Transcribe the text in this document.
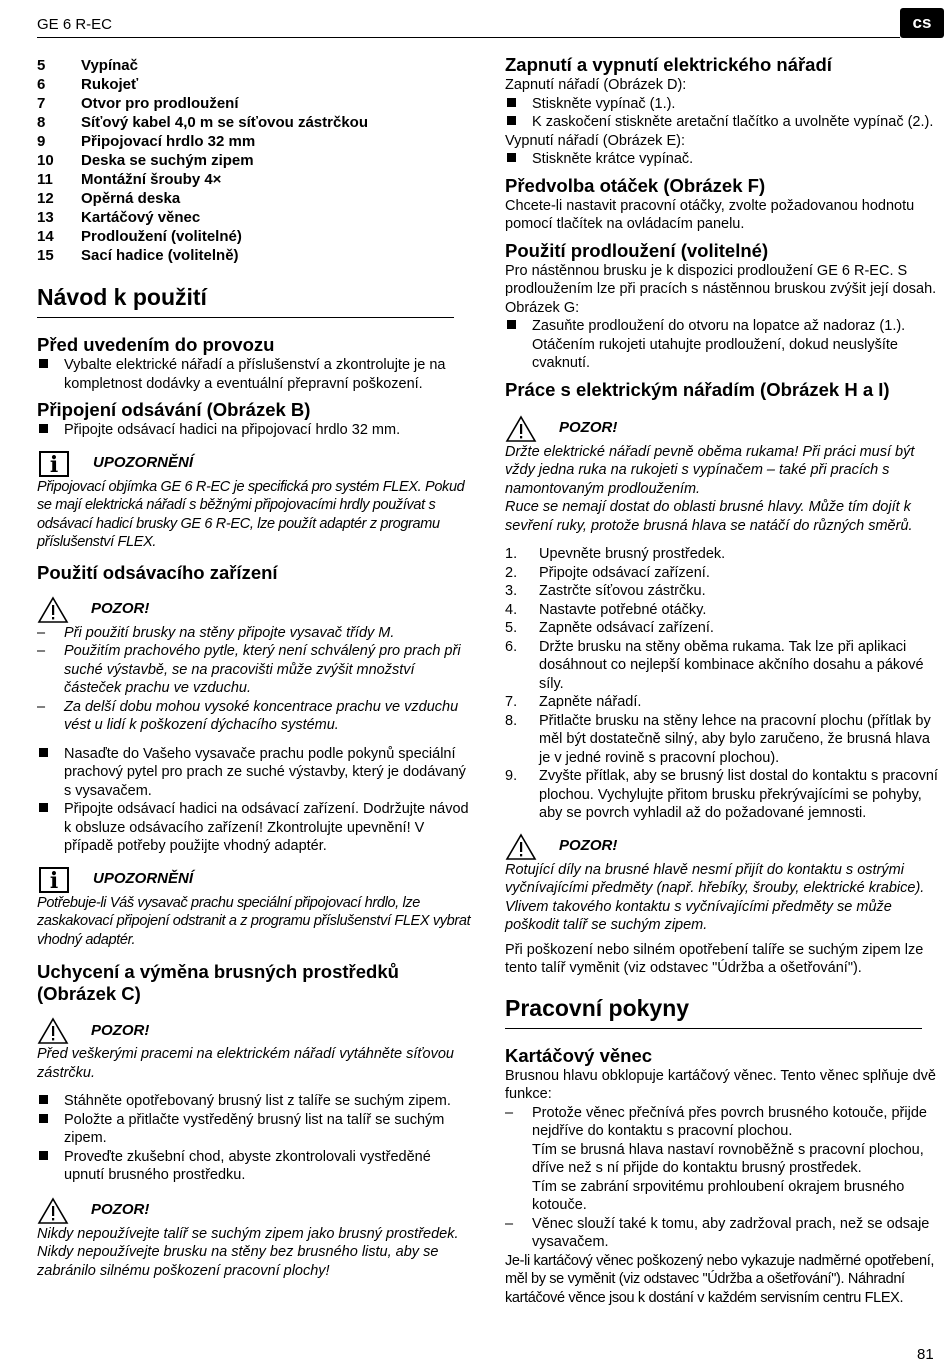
GE 6 R-EC	cs
5	Vypínač
6	Rukojeť
7	Otvor pro prodloužení
8	Síťový kabel 4,0 m se síťovou zástrčkou
9	Připojovací hrdlo 32 mm
10	Deska se suchým zipem
11	Montážní šrouby 4×
12	Opěrná deska
13	Kartáčový věnec
14	Prodloužení (volitelné)
15	Sací hadice (volitelně)
Návod k použití
Před uvedením do provozu
Vybalte elektrické nářadí a příslušenství a zkontrolujte je na kompletnost dodávky a eventuální přepravní poškození.
Připojení odsávání (Obrázek B)
Připojte odsávací hadici na připojovací hrdlo 32 mm.
i
UPOZORNĚNÍ

Připojovací objímka GE 6 R-EC je specifická pro systém FLEX. Pokud se mají elektrická nářadí s běžnými připojovacími hrdly používat s odsávací hadicí brusky GE 6 R-EC, lze použít adaptér z programu příslušenství FLEX.

Použití odsávacího zařízení
POZOR!
–	Při použití brusky na stěny připojte vysavač třídy M.
–	Použitím prachového pytle, který není schválený pro prach při suché výstavbě, se na pracovišti může zvýšit množství částeček prachu ve vzduchu.
–	Za delší dobu mohou vysoké koncentrace prachu ve vzduchu vést u lidí k poškození dýchacího systému.
Nasaďte do Vašeho vysavače prachu podle pokynů speciální prachový pytel pro prach ze suché výstavby, který je dodávaný s vysavačem.
Připojte odsávací hadici na odsávací zařízení. Dodržujte návod k obsluze odsávacího zařízení! Zkontrolujte upevnění! V případě potřeby použijte vhodný adaptér.
i
UPOZORNĚNÍ

Potřebuje-li Váš vysavač prachu speciální připojovací hrdlo, lze zaskakovací připojení odstranit a z programu příslušenství FLEX vybrat vhodný adaptér.

Uchycení a výměna brusných prostředků (Obrázek C)
POZOR!

Před veškerými pracemi na elektrickém nářadí vytáhněte síťovou zástrčku.

Stáhněte opotřebovaný brusný list z talíře se suchým zipem.
Položte a přitlačte vystředěný brusný list na talíř se suchým zipem.
Proveďte zkušební chod, abyste zkontrolovali vystředěné upnutí brusného prostředku.
POZOR!

Nikdy nepoužívejte talíř se suchým zipem jako brusný prostředek.

Nikdy nepoužívejte brusku na stěny bez brusného listu, aby se zabránilo silnému poškození pracovní plochy!

Zapnutí a vypnutí elektrického nářadí

Zapnutí nářadí (Obrázek D):

Stiskněte vypínač (1.).
K zaskočení stiskněte aretační tlačítko a uvolněte vypínač (2.).

Vypnutí nářadí (Obrázek E):

Stiskněte krátce vypínač.
Předvolba otáček (Obrázek F)

Chcete-li nastavit pracovní otáčky, zvolte požadovanou hodnotu pomocí tlačítek na ovládacím panelu.

Použití prodloužení (volitelné)

Pro nástěnnou brusku je k dispozici prodloužení GE 6 R-EC. S prodloužením lze při pracích s nástěnnou bruskou zvýšit její dosah.

Obrázek G:

Zasuňte prodloužení do otvoru na lopatce až nadoraz (1.). Otáčením rukojeti utahujte prodloužení, dokud neuslyšíte cvaknutí.
Práce s elektrickým nářadím (Obrázek H a I)
POZOR!

Držte elektrické nářadí pevně oběma rukama! Při práci musí být vždy jedna ruka na rukojeti s vypínačem – také při pracích s namontovaným prodloužením.

Ruce se nemají dostat do oblasti brusné hlavy. Může tím dojít k sevření ruky, protože brusná hlava se natáčí do různých směrů.

1.	Upevněte brusný prostředek.
2.	Připojte odsávací zařízení.
3.	Zastrčte síťovou zástrčku.
4.	Nastavte potřebné otáčky.
5.	Zapněte odsávací zařízení.
6.	Držte brusku na stěny oběma rukama. Tak lze při aplikaci dosáhnout co nejlepší kombinace akčního dosahu a pákové síly.
7.	Zapněte nářadí.
8.	Přitlačte brusku na stěny lehce na pracovní plochu (přítlak by měl být dostatečně silný, aby bylo zaručeno, že brusná hlava je v jedné rovině s pracovní plochou).
9.	Zvyšte přítlak, aby se brusný list dostal do kontaktu s pracovní plochou. Vychylujte přitom brusku překrývajícími se pohyby, aby se povrch vyhladil až do požadované jemnosti.
POZOR!

Rotující díly na brusné hlavě nesmí přijít do kontaktu s ostrými vyčnívajícími předměty (např. hřebíky, šrouby, elektrické krabice). Vlivem takového kontaktu s vyčnívajícími předměty se může poškodit talíř se suchým zipem.

Při poškození nebo silném opotřebení talíře se suchým zipem lze tento talíř vyměnit (viz odstavec "Údržba a ošetřování").

Pracovní pokyny
Kartáčový věnec

Brusnou hlavu obklopuje kartáčový věnec. Tento věnec splňuje dvě funkce:

–	Protože věnec přečnívá přes povrch brusného kotouče, přijde nejdříve do kontaktu s pracovní plochou.
Tím se brusná hlava nastaví rovnoběžně s pracovní plochou, dříve než s ní přijde do kontaktu brusný prostředek.
Tím se zabrání srpovitému prohloubení okrajem brusného kotouče.
–	Věnec slouží také k tomu, aby zadržoval prach, než se odsaje vysavačem.

Je-li kartáčový věnec poškozený nebo vykazuje nadměrné opotřebení, měl by se vyměnit (viz odstavec "Údržba a ošetřování"). Náhradní kartáčové věnce jsou k dostání v každém servisním centru FLEX.

81
